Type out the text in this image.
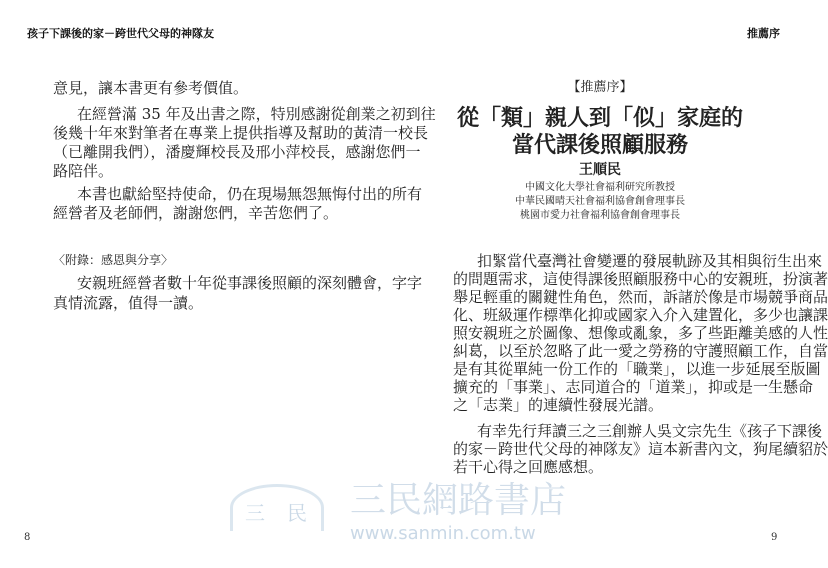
孩子下課後的家－跨世代父母的神隊友
意見，讓本書更有參考價值。
在經營滿 35 年及出書之際，特別感謝從創業之初到往
後幾十年來對筆者在專業上提供指導及幫助的黃清一校長
（已離開我們），潘慶輝校長及邢小萍校長，感謝您們一
路陪伴。
本書也獻給堅持使命，仍在現場無怨無悔付出的所有
經營者及老師們，謝謝您們，辛苦您們了。
〈附錄：感恩與分享〉
安親班經營者數十年從事課後照顧的深刻體會，字字
真情流露，值得一讀。
8
推薦序
【推薦序】
從「類」親人到「似」家庭的
當代課後照顧服務
王順民
中國文化大學社會福利研究所教授
中華民國晴天社會福利協會創會理事長
桃園市愛力社會福利協會創會理事長
扣緊當代臺灣社會變遷的發展軌跡及其相與衍生出來
的問題需求，這使得課後照顧服務中心的安親班，扮演著
舉足輕重的關鍵性角色，然而，訴諸於像是市場競爭商品
化、班級運作標準化抑或國家入介入建置化，多少也讓課
照安親班之於圖像、想像或亂象，多了些距離美感的人性
糾葛，以至於忽略了此一愛之勞務的守護照顧工作，自當
是有其從單純一份工作的「職業」，以進一步延展至版圖
擴充的「事業」、志同道合的「道業」，抑或是一生懸命
之「志業」的連續性發展光譜。
有幸先行拜讀三之三創辦人吳文宗先生《孩子下課後
的家－跨世代父母的神隊友》這本新書內文，狗尾續貂於
若干心得之回應感想。
三 民 三民網路書店
www.sanmin.com.tw	9
